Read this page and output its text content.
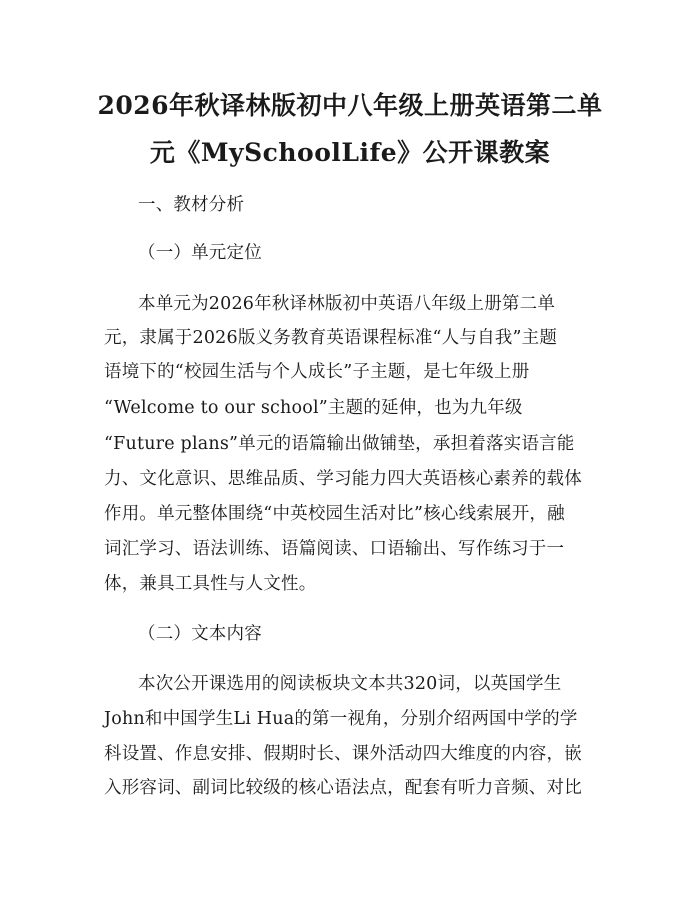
2026年秋译林版初中八年级上册英语第二单
元《MySchoolLife》公开课教案
一、教材分析
（一）单元定位
本单元为2026年秋译林版初中英语八年级上册第二单
元，隶属于2026版义务教育英语课程标准“人与自我”主题
语境下的“校园生活与个人成长”子主题，是七年级上册
“Welcome to our school”主题的延伸，也为九年级
“Future plans”单元的语篇输出做铺垫，承担着落实语言能
力、文化意识、思维品质、学习能力四大英语核心素养的载体
作用。单元整体围绕“中英校园生活对比”核心线索展开，融
词汇学习、语法训练、语篇阅读、口语输出、写作练习于一
体，兼具工具性与人文性。
（二）文本内容
本次公开课选用的阅读板块文本共320词，以英国学生
John和中国学生Li Hua的第一视角，分别介绍两国中学的学
科设置、作息安排、假期时长、课外活动四大维度的内容，嵌
入形容词、副词比较级的核心语法点，配套有听力音频、对比
